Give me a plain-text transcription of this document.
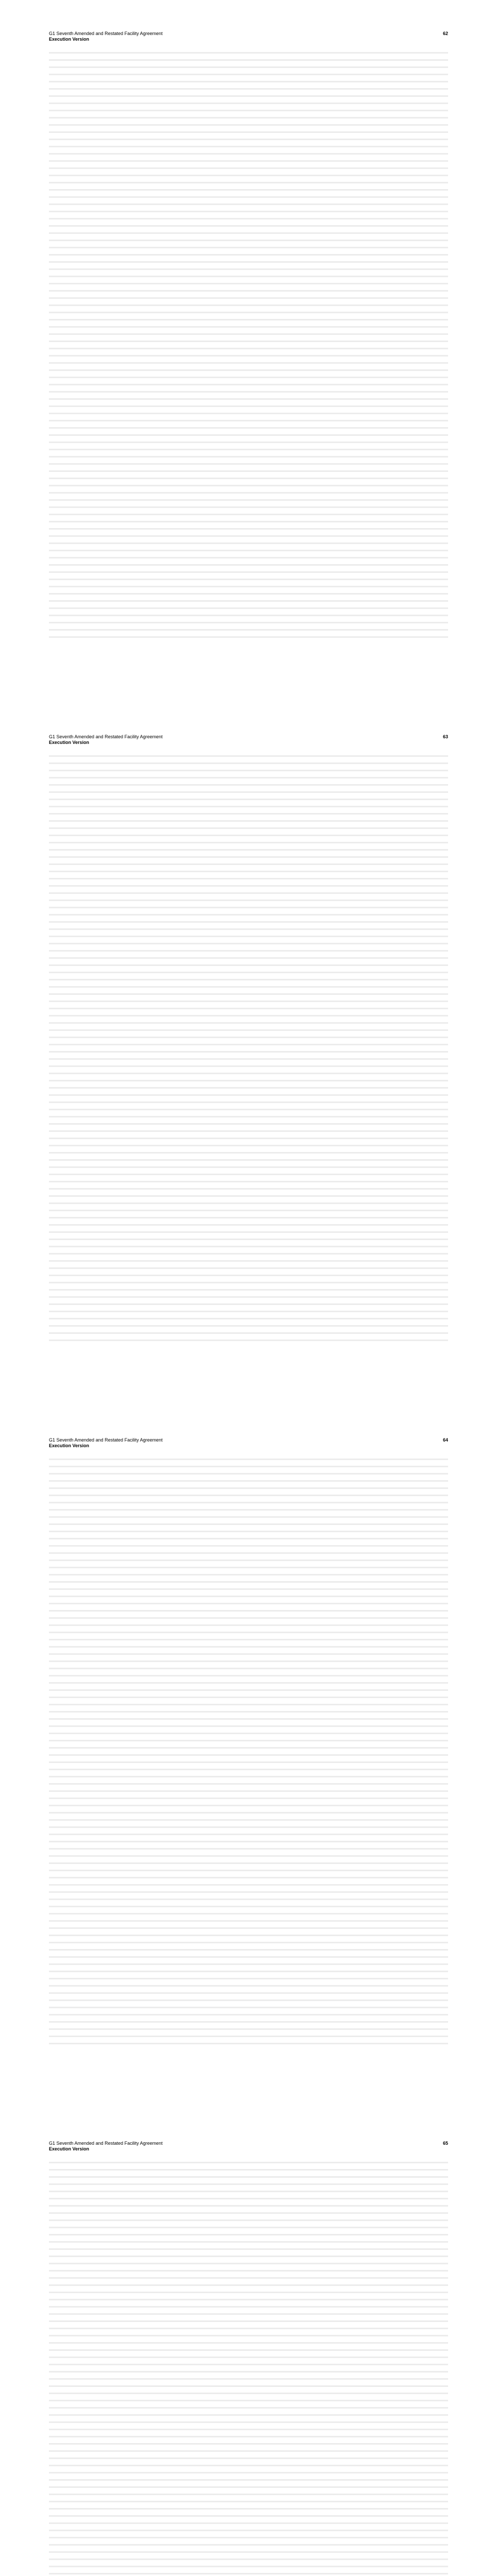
G1 Seventh Amended and Restated Facility Agreement
Execution Version
62
G1 Seventh Amended and Restated Facility Agreement
Execution Version
63
G1 Seventh Amended and Restated Facility Agreement
Execution Version
64
G1 Seventh Amended and Restated Facility Agreement
Execution Version
65
